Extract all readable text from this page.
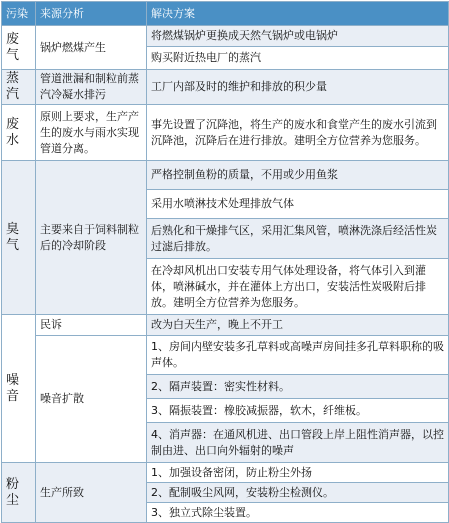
污染	来源分析	解决方案
废气	锅炉燃煤产生	将燃煤锅炉更换成天然气锅炉或电锅炉
		购买附近热电厂的蒸汽
蒸汽	管道泄漏和制粒前蒸汽冷凝水排污	工厂内部及时的维护和排放的积少量
废水	原则上要求，生产产生的废水与雨水实现管道分离。	事先设置了沉降池，将生产的废水和食堂产生的废水引流到沉降池，沉降后在进行排放。建明全方位营养为您服务。
臭气	主要来自于饲料制粒后的冷却阶段	严格控制鱼粉的质量，不用或少用鱼浆
		采用水喷淋技术处理排放气体
		后熟化和干燥排气区，采用汇集风管，喷淋洗涤后经活性炭过滤后排放。
		在冷却风机出口安装专用气体处理设备，将气体引入到灌体，喷淋碱水，并在灌体上方出口，安装活性炭吸附后排放。建明全方位营养为您服务。
噪音	民诉	改为白天生产，晚上不开工
	噪音扩散	1、房间内壁安装多孔草料或高噪声房间挂多孔草料职称的吸声体。
		2、隔声装置：密实性材料。
		3、隔振装置：橡胶减振器，软木，纤维板。
		4、消声器：在通风机进、出口管段上岸上阻性消声器，以控制由进、出口向外辐射的噪声
粉尘	生产所致	1、加强设备密闭，防止粉尘外扬
		2、配制吸尘风网，安装粉尘检测仪。
		3、独立式除尘装置。
